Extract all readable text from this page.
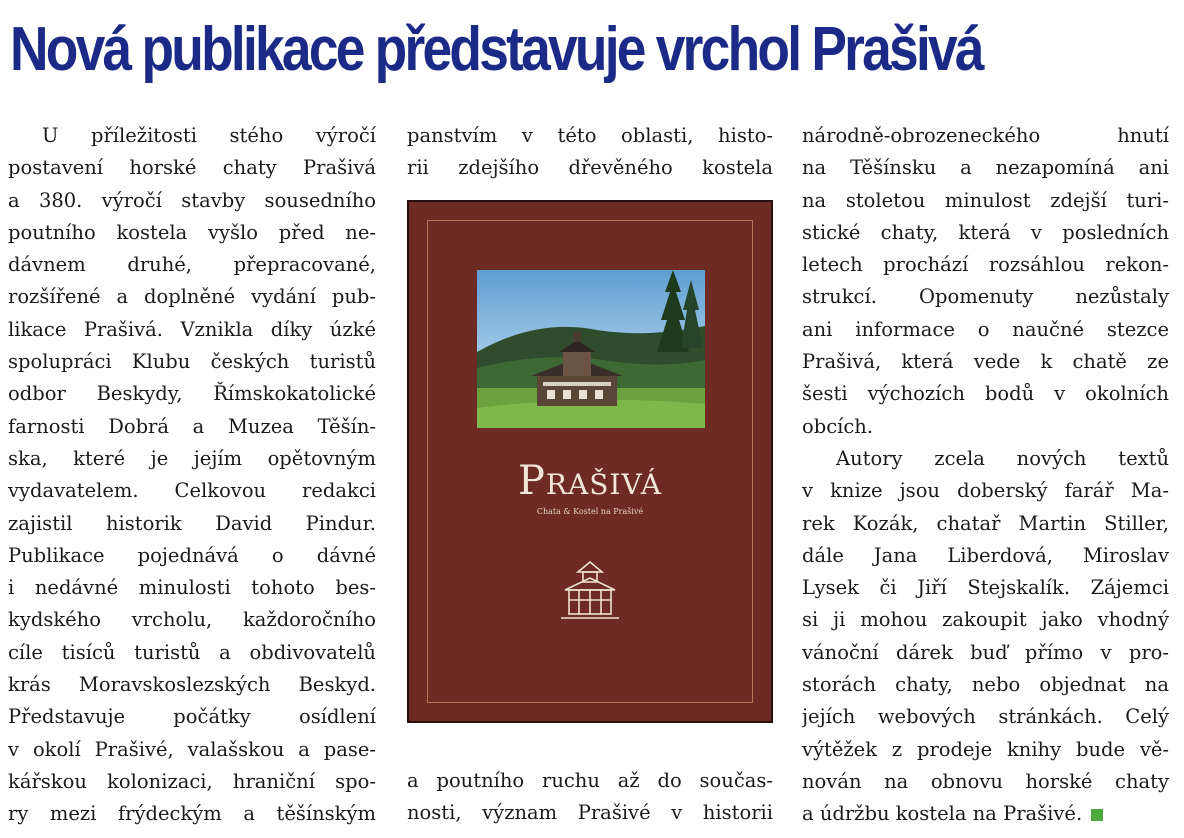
Nová publikace představuje vrchol Prašivá
U příležitosti stého výročí
postavení horské chaty Prašivá
a 380. výročí stavby sousedního
poutního kostela vyšlo před ne-
dávnem druhé, přepracované,
rozšířené a doplněné vydání pub-
likace Prašivá. Vznikla díky úzké
spolupráci Klubu českých turistů
odbor Beskydy, Římskokatolické
farnosti Dobrá a Muzea Těšín-
ska, které je jejím opětovným
vydavatelem. Celkovou redakci
zajistil historik David Pindur.
Publikace pojednává o dávné
i nedávné minulosti tohoto bes-
kydského vrcholu, každoročního
cíle tisíců turistů a obdivovatelů
krás Moravskoslezských Beskyd.
Představuje počátky osídlení
v okolí Prašivé, valašskou a pase-
kářskou kolonizaci, hraniční spo-
ry mezi frýdeckým a těšínským
panstvím v této oblasti, histo-
rii zdejšího dřevěného kostela
Prašivá
Chata & Kostel na Prašivé
a poutního ruchu až do součas-
nosti, význam Prašivé v historii
národně-obrozeneckého hnutí
na Těšínsku a nezapomíná ani
na stoletou minulost zdejší turi-
stické chaty, která v posledních
letech prochází rozsáhlou rekon-
strukcí. Opomenuty nezůstaly
ani informace o naučné stezce
Prašivá, která vede k chatě ze
šesti výchozích bodů v okolních
obcích.
Autory zcela nových textů
v knize jsou doberský farář Ma-
rek Kozák, chatař Martin Stiller,
dále Jana Liberdová, Miroslav
Lysek či Jiří Stejskalík. Zájemci
si ji mohou zakoupit jako vhodný
vánoční dárek buď přímo v pro-
storách chaty, nebo objednat na
jejích webových stránkách. Celý
výtěžek z prodeje knihy bude vě-
nován na obnovu horské chaty
a údržbu kostela na Prašivé.
